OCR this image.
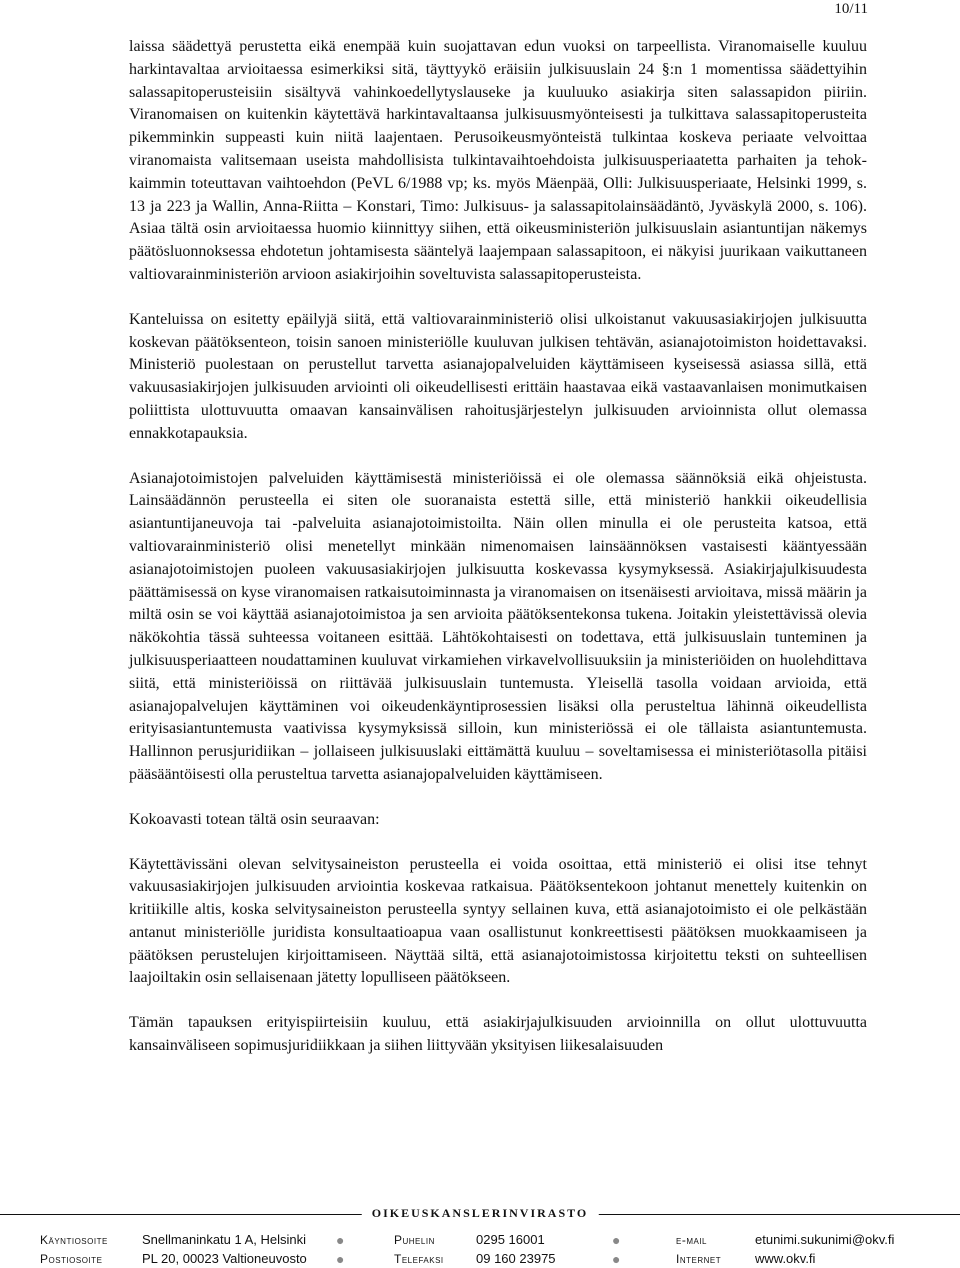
10/11

laissa säädettyä perustetta eikä enempää kuin suojattavan edun vuoksi on tarpeellista. Viranomaiselle kuuluu harkintavaltaa arvioitaessa esimerkiksi sitä, täyttyykö eräisiin julkisuuslain 24 §:n 1 momentissa säädettyihin salassapitoperusteisiin sisältyvä vahinkoedellytyslauseke ja kuuluuko asiakirja siten salassapidon piiriin. Viranomaisen on kuitenkin käytettävä harkintavaltaansa julkisuusmyönteisesti ja tulkittava salassapitoperusteita pikemminkin suppeasti kuin niitä laajentaen. Perusoikeusmyönteistä tulkintaa koskeva periaate velvoittaa viranomaista valitsemaan useista mahdollisista tulkintavaihtoehdoista julkisuusperiaatetta parhaiten ja tehokkaimmin toteuttavan vaihtoehdon (PeVL 6/1988 vp; ks. myös Mäenpää, Olli: Julkisuusperiaate, Helsinki 1999, s. 13 ja 223 ja Wallin, Anna-Riitta – Konstari, Timo: Julkisuus- ja salassapitolainsäädäntö, Jyväskylä 2000, s. 106). Asiaa tältä osin arvioitaessa huomio kiinnittyy siihen, että oikeusministeriön julkisuuslain asiantuntijan näkemys päätösluonnoksessa ehdotetun johtamisesta sääntelyä laajempaan salassapitoon, ei näkyisi juurikaan vaikuttaneen valtiovarainministeriön arvioon asiakirjoihin soveltuvista salassapitoperusteista.

Kanteluissa on esitetty epäilyjä siitä, että valtiovarainministeriö olisi ulkoistanut vakuusasiakirjojen julkisuutta koskevan päätöksenteon, toisin sanoen ministeriölle kuuluvan julkisen tehtävän, asianajotoimiston hoidettavaksi. Ministeriö puolestaan on perustellut tarvetta asianajopalveluiden käyttämiseen kyseisessä asiassa sillä, että vakuusasiakirjojen julkisuuden arviointi oli oikeudellisesti erittäin haastavaa eikä vastaavanlaisen monimutkaisen poliittista ulottuvuutta omaavan kansainvälisen rahoitusjärjestelyn julkisuuden arvioinnista ollut olemassa ennakkotapauksia.

Asianajotoimistojen palveluiden käyttämisestä ministeriöissä ei ole olemassa säännöksiä eikä ohjeistusta. Lainsäädännön perusteella ei siten ole suoranaista estettä sille, että ministeriö hankkii oikeudellisia asiantuntijaneuvoja tai -palveluita asianajotoimistoilta. Näin ollen minulla ei ole perusteita katsoa, että valtiovarainministeriö olisi menetellyt minkään nimenomaisen lainsäännöksen vastaisesti kääntyessään asianajotoimistojen puoleen vakuusasiakirjojen julkisuutta koskevassa kysymyksessä. Asiakirjajulkisuudesta päättämisessä on kyse viranomaisen ratkaisutoiminnasta ja viranomaisen on itsenäisesti arvioitava, missä määrin ja miltä osin se voi käyttää asianajotoimistoa ja sen arvioita päätöksentekonsa tukena. Joitakin yleistettävissä olevia näkökohtia tässä suhteessa voitaneen esittää. Lähtökohtaisesti on todettava, että julkisuuslain tunteminen ja julkisuusperiaatteen noudattaminen kuuluvat virkamiehen virkavelvollisuuksiin ja ministeriöiden on huolehdittava siitä, että ministeriöissä on riittävää julkisuuslain tuntemusta. Yleisellä tasolla voidaan arvioida, että asianajopalvelujen käyttäminen voi oikeudenkäyntiprosessien lisäksi olla perusteltua lähinnä oikeudellista erityisasiantuntemusta vaativissa kysymyksissä silloin, kun ministeriössä ei ole tällaista asiantuntemusta. Hallinnon perusjuridiikan – jollaiseen julkisuuslaki eittämättä kuuluu – soveltamisessa ei ministeriötasolla pitäisi pääsääntöisesti olla perusteltua tarvetta asianajopalveluiden käyttämiseen.

Kokoavasti totean tältä osin seuraavan:

Käytettävissäni olevan selvitysaineiston perusteella ei voida osoittaa, että ministeriö ei olisi itse tehnyt vakuusasiakirjojen julkisuuden arviointia koskevaa ratkaisua. Päätöksentekoon johtanut menettely kuitenkin on kritiikille altis, koska selvitysaineiston perusteella syntyy sellainen kuva, että asianajotoimisto ei ole pelkästään antanut ministeriölle juridista konsultaatioapua vaan osallistunut konkreettisesti päätöksen muokkaamiseen ja päätöksen perustelujen kirjoittamiseen. Näyttää siltä, että asianajotoimistossa kirjoitettu teksti on suhteellisen laajoiltakin osin sellaisenaan jätetty lopulliseen päätökseen.

Tämän tapauksen erityispiirteisiin kuuluu, että asiakirjajulkisuuden arvioinnilla on ollut ulottuvuutta kansainväliseen sopimusjuridiikkaan ja siihen liittyvään yksityisen liikesalaisuuden

OIKEUSKANSLERINVIRASTO
Käyntiosoite	Snellmaninkatu 1 A, Helsinki ●	Puhelin	0295 16001	●	e-mail	etunimi.sukunimi@okv.fi
Postiosoite	PL 20, 00023 Valtioneuvosto ●	Telefaksi 09 160 23975	●	Internet	www.okv.fi
